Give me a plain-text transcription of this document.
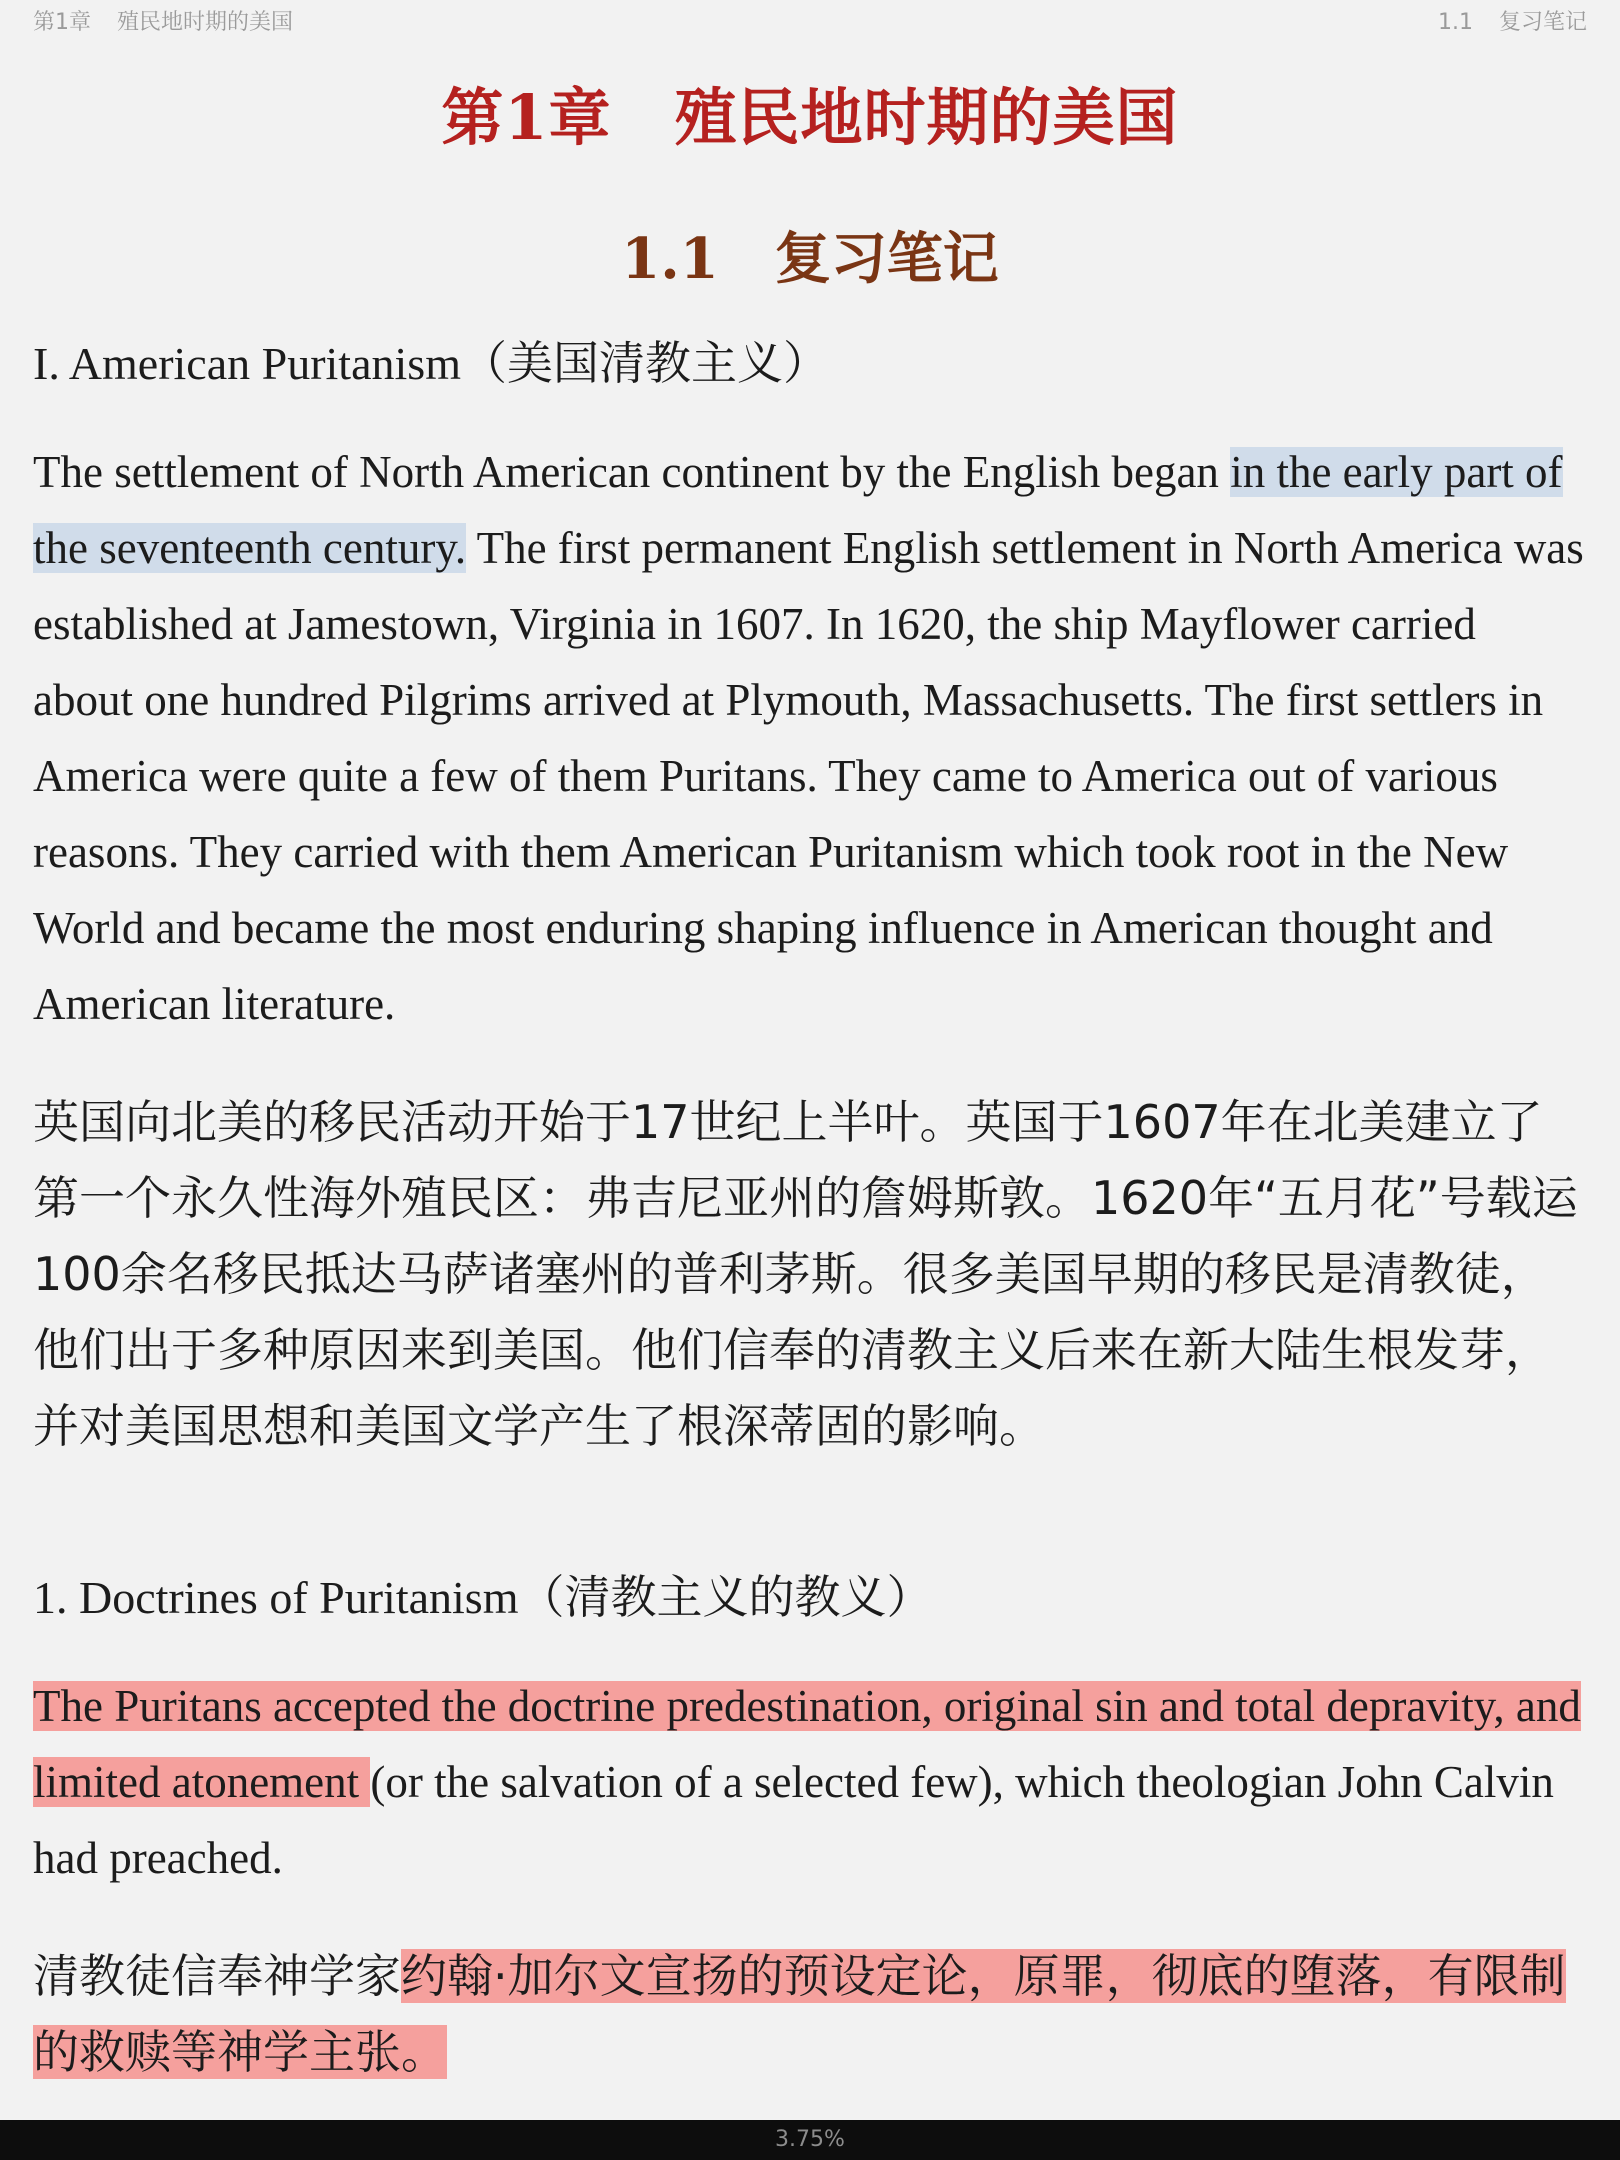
第1章 殖民地时期的美国	1.1 复习笔记
第1章　殖民地时期的美国
1.1　复习笔记
I. American Puritanism（美国清教主义）

The settlement of North American continent by the English began in the early part of the seventeenth century. The first permanent English settlement in North America was established at Jamestown, Virginia in 1607. In 1620, the ship Mayflower carried about one hundred Pilgrims arrived at Plymouth, Massachusetts. The first settlers in America were quite a few of them Puritans. They came to America out of various reasons. They carried with them American Puritanism which took root in the New World and became the most enduring shaping influence in American thought and American literature.

英国向北美的移民活动开始于17世纪上半叶。英国于1607年在北美建立了第一个永久性海外殖民区：弗吉尼亚州的詹姆斯敦。1620年“五月花”号载运100余名移民抵达马萨诸塞州的普利茅斯。很多美国早期的移民是清教徒，他们出于多种原因来到美国。他们信奉的清教主义后来在新大陆生根发芽，并对美国思想和美国文学产生了根深蒂固的影响。

1. Doctrines of Puritanism（清教主义的教义）

The Puritans accepted the doctrine predestination, original sin and total depravity, and limited atonement (or the salvation of a selected few), which theologian John Calvin had preached.

清教徒信奉神学家约翰·加尔文宣扬的预设定论，原罪，彻底的堕落，有限制的救赎等神学主张。

3.75%
